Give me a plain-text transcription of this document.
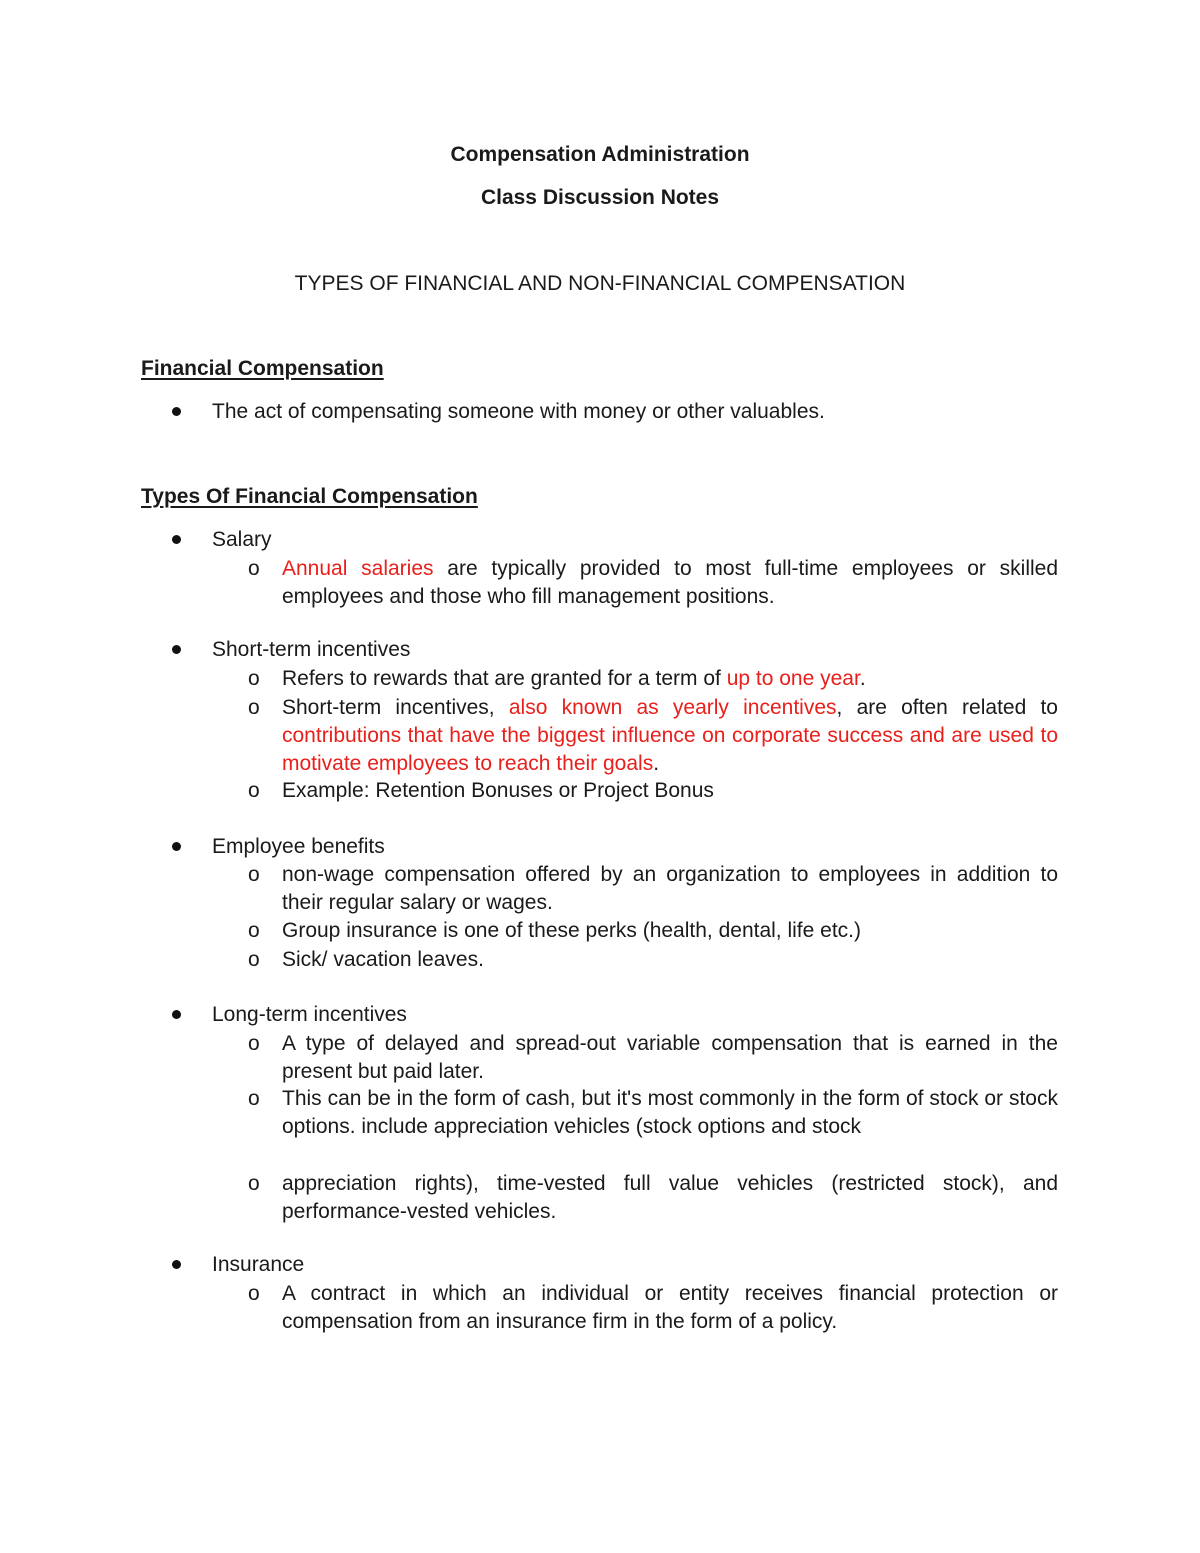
Compensation Administration
Class Discussion Notes
TYPES OF FINANCIAL AND NON-FINANCIAL COMPENSATION
Financial Compensation
The act of compensating someone with money or other valuables.
Types Of Financial Compensation
Salary
o Annual salaries are typically provided to most full-time employees or skilled employees and those who fill management positions.
Short-term incentives
o Refers to rewards that are granted for a term of up to one year.
o Short-term incentives, also known as yearly incentives, are often related to contributions that have the biggest influence on corporate success and are used to motivate employees to reach their goals.
o Example: Retention Bonuses or Project Bonus
Employee benefits
o non-wage compensation offered by an organization to employees in addition to their regular salary or wages.
o Group insurance is one of these perks (health, dental, life etc.)
o Sick/ vacation leaves.
Long-term incentives
o A type of delayed and spread-out variable compensation that is earned in the present but paid later.
o This can be in the form of cash, but it's most commonly in the form of stock or stock options. include appreciation vehicles (stock options and stock
o appreciation rights), time-vested full value vehicles (restricted stock), and performance-vested vehicles.
Insurance
o A contract in which an individual or entity receives financial protection or compensation from an insurance firm in the form of a policy.
